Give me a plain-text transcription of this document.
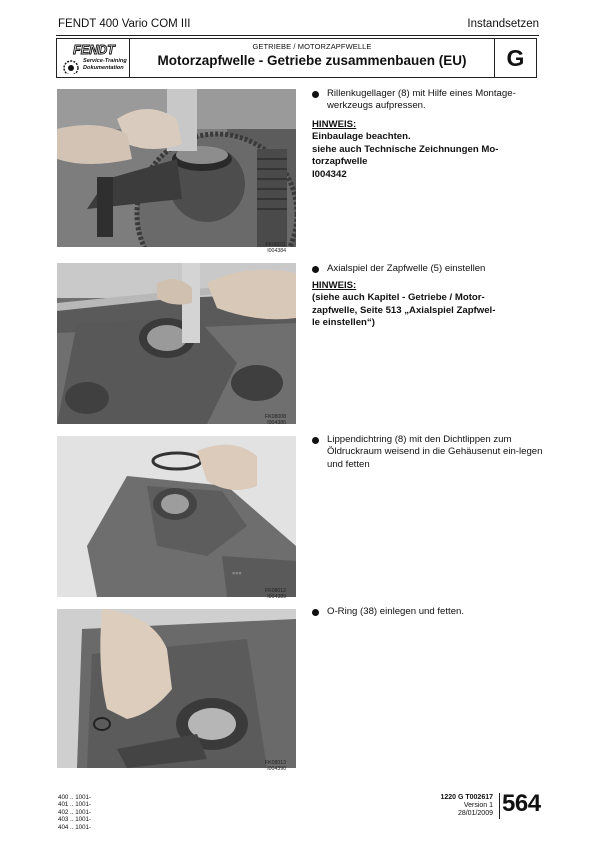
FENDT 400 Vario COM III	Instandsetzen
FENDT
Service-Training
Dokumentation
GETRIEBE / MOTORZAPFWELLE
Motorzapfwelle - Getriebe zusammenbauen (EU)	G
FK08011
I004384
Rillenkugellager (8) mit Hilfe eines Montage-werkzeugs aufpressen.
HINWEIS:
Einbaulage beachten.
siehe auch Technische Zeichnungen Mo-
torzapfwelle
I004342
FK08008
I004386
Axialspiel der Zapfwelle (5) einstellen
HINWEIS:
(siehe auch Kapitel - Getriebe / Motor-
zapfwelle, Seite 513 „Axialspiel Zapfwel-
le einstellen“)
▪▪▪
FK08012
I004389
Lippendichtring (8) mit den Dichtlippen zum Öldruckraum weisend in die Gehäusenut ein-legen und fetten
FK08013
I004390
O-Ring (38) einlegen und fetten.
400 .. 1001-
401 .. 1001-
402 .. 1001-
403 .. 1001-
404 .. 1001-
1220 G T002617
Version 1
28/01/2009 564
